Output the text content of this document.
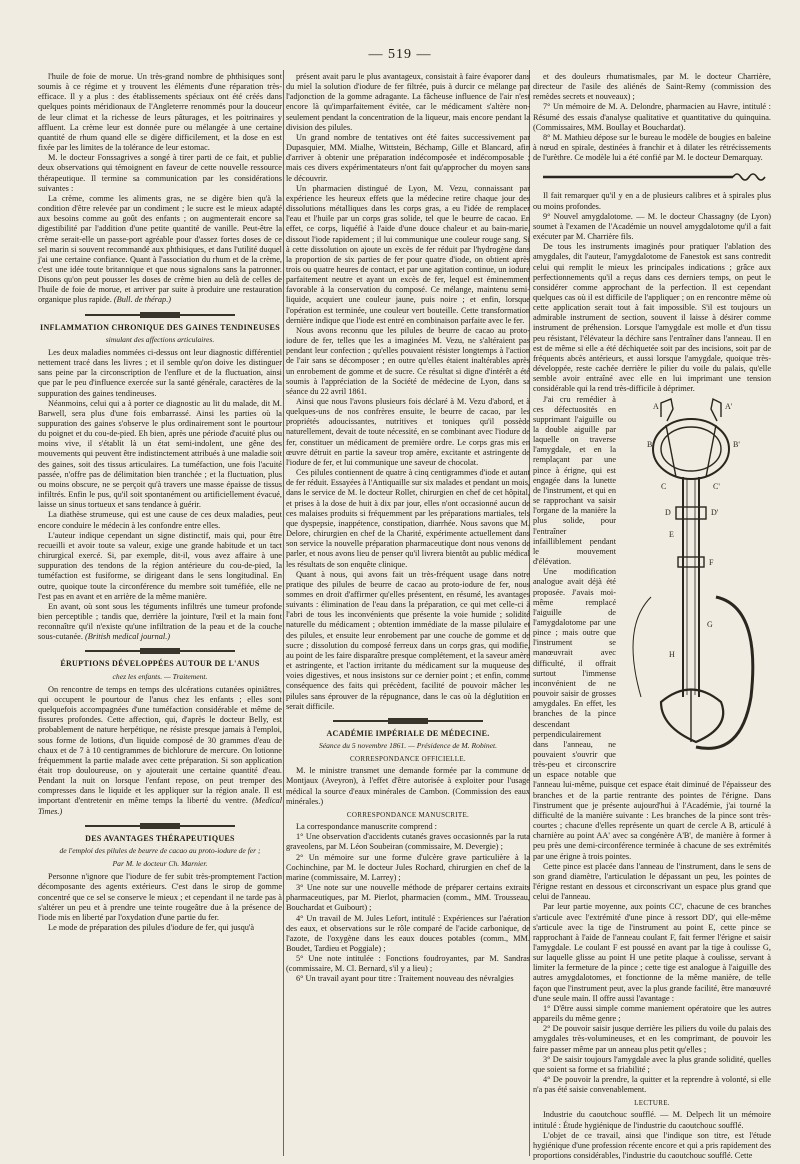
— 519 —

l'huile de foie de morue. Un très-grand nombre de phthisiques sont soumis à ce régime et y trouvent les éléments d'une réparation très-efficace. Il y a plus : des établissements spéciaux ont été créés dans quelques points méridionaux de l'Angleterre renommés pour la douceur de leur climat et la richesse de leurs pâturages, et les poitrinaires y affluent. La crème leur est donnée pure ou mélangée à une certaine quantité de rhum quand elle se digère difficilement, et la dose en est fixée par les limites de la tolérance de leur estomac.

M. le docteur Fonssagrives a songé à tirer parti de ce fait, et publie deux observations qui témoignent en faveur de cette nouvelle ressource thérapeutique. Il termine sa communication par les considérations suivantes :

La crème, comme les aliments gras, ne se digère bien qu'à la condition d'être relevée par un condiment ; le sucre est le mieux adapté aux besoins comme au goût des enfants ; on augmenterait encore sa digestibilité par l'addition d'une petite quantité de vanille. Peut-être la crème serait-elle un passe-port agréable pour d'assez fortes doses de ce sel marin si souvent recommandé aux phthisiques, et dans l'utilité duquel j'ai une certaine confiance. Quant à l'association du rhum et de la crème, c'est une idée toute britannique et que nous signalons sans la patronner. Disons qu'on peut pousser les doses de crème bien au delà de celles de l'huile de foie de morue, et arriver par suite à produire une restauration organique plus rapide. (Bull. de thérap.)

INFLAMMATION CHRONIQUE DES GAINES TENDINEUSES
simulant des affections articulaires.

Les deux maladies nommées ci-dessus ont leur diagnostic différentiel nettement tracé dans les livres ; et il semble qu'on doive les distinguer sans peine par la circonscription de l'enflure et de la fluctuation, ainsi que par le peu d'influence exercée sur la santé générale, caractères de la suppuration des gaines tendineuses.

Néanmoins, celui qui a à porter ce diagnostic au lit du malade, dit M. Barwell, sera plus d'une fois embarrassé. Ainsi les parties où la suppuration des gaines s'observe le plus ordinairement sont le pourtour du poignet et du cou-de-pied. Eh bien, après une période d'acuité plus ou moins vive, il s'établit là un état semi-indolent, une gêne des mouvements qui peuvent être indistinctement attribués à une maladie soit des gaines, soit des tissus articulaires. La tuméfaction, une fois l'acuité passée, n'offre pas de délimitation bien tranchée ; et la fluctuation, plus ou moins obscure, ne se perçoit qu'à travers une masse épaisse de tissus infiltrés. Enfin le pus, qu'il soit spontanément ou artificiellement évacué, laisse un sinus tortueux et sans tendance à guérir.

La diathèse strumeuse, qui est une cause de ces deux maladies, peut encore conduire le médecin à les confondre entre elles.

L'auteur indique cependant un signe distinctif, mais qui, pour être recueilli et avoir toute sa valeur, exige une grande habitude et un tact chirurgical exercé. Si, par exemple, dit-il, vous avez affaire à une suppuration des tendons de la région antérieure du cou-de-pied, la tuméfaction est fusiforme, se dirigeant dans le sens longitudinal. En outre, quoique toute la circonférence du membre soit tuméfiée, elle ne l'est pas en avant et en arrière de la même manière.

En avant, où sont sous les téguments infiltrés une tumeur profonde bien perceptible ; tandis que, derrière la jointure, l'œil et la main font reconnaître qu'il n'existe qu'une infiltration de la peau et de la couche sous-cutanée. (British medical journal.)

ÉRUPTIONS DÉVELOPPÉES AUTOUR DE L'ANUS
chez les enfants. — Traitement.

On rencontre de temps en temps des ulcérations cutanées opiniâtres, qui occupent le pourtour de l'anus chez les enfants ; elles sont quelquefois accompagnées d'une tuméfaction considérable et même de fissures profondes. Cette affection, qui, d'après le docteur Belly, est probablement de nature herpétique, ne résiste presque jamais à l'emploi, sous forme de lotions, d'un liquide composé de 30 grammes d'eau de chaux et de 7 à 10 centigrammes de bichlorure de mercure. On lotionne fréquemment la partie malade avec cette préparation. Si son application était trop douloureuse, on y ajouterait une certaine quantité d'eau. Pendant la nuit on lorsque l'enfant repose, on peut tremper des compresses dans le liquide et les appliquer sur la région anale. Il est important d'entretenir en même temps la liberté du ventre. (Medical Times.)

DES AVANTAGES THÉRAPEUTIQUES
de l'emploi des pilules de beurre de cacao au proto-iodure de fer ;
Par M. le docteur Ch. Marnier.

Personne n'ignore que l'iodure de fer subit très-promptement l'action décomposante des agents extérieurs. C'est dans le sirop de gomme concentré que ce sel se conserve le mieux ; et cependant il ne tarde pas à s'altérer un peu et à prendre une teinte rougeâtre due à la présence de l'iode mis en liberté par l'oxydation d'une partie du fer.

Le mode de préparation des pilules d'iodure de fer, qui jusqu'à

présent avait paru le plus avantageux, consistait à faire évaporer dans du miel la solution d'iodure de fer filtrée, puis à durcir ce mélange par l'adjonction de la gomme adragante. La fâcheuse influence de l'air n'est encore là qu'imparfaitement évitée, car le médicament s'altère non-seulement pendant la concentration de la liqueur, mais encore pendant la division des pilules.

Un grand nombre de tentatives ont été faites successivement par Dupasquier, MM. Mialhe, Wittstein, Béchamp, Gille et Blancard, afin d'arriver à obtenir une préparation indécomposée et indécomposable ; mais ces divers expérimentateurs n'ont fait qu'approcher du moyen sans le découvrir.

Un pharmacien distingué de Lyon, M. Vezu, connaissant par expérience les heureux effets que la médecine retire chaque jour des dissolutions métalliques dans les corps gras, a eu l'idée de remplacer l'eau et l'huile par un corps gras solide, tel que le beurre de cacao. En effet, ce corps, liquéfié à l'aide d'une douce chaleur et au bain-marie, dissout l'iode rapidement ; il lui communique une couleur rouge sang. Si à cette dissolution on ajoute un excès de fer réduit par l'hydrogène dans la proportion de six parties de fer pour quatre d'iode, on obtient après trois ou quatre heures de contact, et par une agitation continue, un iodure parfaitement neutre et ayant un excès de fer, lequel est éminemment favorable à la conservation du composé. Ce mélange, maintenu semi-liquide, acquiert une couleur jaune, puis noire ; et enfin, lorsque l'opération est terminée, une couleur vert bouteille. Cette transformation dernière indique que l'iode est entré en combinaison parfaite avec le fer.

Nous avons reconnu que les pilules de beurre de cacao au proto-iodure de fer, telles que les a imaginées M. Vezu, ne s'altéraient pas pendant leur confection ; qu'elles pouvaient résister longtemps à l'action de l'air sans se décomposer ; en outre qu'elles étaient inaltérables après un enrobement de gomme et de sucre. Ce résultat si digne d'intérêt a été soumis à l'appréciation de la Société de médecine de Lyon, dans sa séance du 22 avril 1861.

Ainsi que nous l'avons plusieurs fois déclaré à M. Vezu d'abord, et à quelques-uns de nos confrères ensuite, le beurre de cacao, par les propriétés adoucissantes, nutritives et toniques qu'il possède naturellement, devait de toute nécessité, en se combinant avec l'iodure de fer, constituer un médicament de première ordre. Le corps gras mis en œuvre détruit en partie la saveur trop amère, excitante et astringente de l'iodure de fer, et lui communique une saveur de chocolat.

Ces pilules contiennent de quatre à cinq centigrammes d'iode et autant de fer réduit. Essayées à l'Antiquaille sur six malades et pendant un mois, dans le service de M. le docteur Rollet, chirurgien en chef de cet hôpital, et prises à la dose de huit à dix par jour, elles n'ont occasionné aucun de ces malaises produits si fréquemment par les préparations martiales, tels que dyspepsie, inappétence, constipation, diarrhée. Nous savons que M. Delore, chirurgien en chef de la Charité, expérimente actuellement dans son service la nouvelle préparation pharmaceutique dont nous venons de parler, et nous avons lieu de penser qu'il livrera bientôt au public médical les résultats de son enquête clinique.

Quant à nous, qui avons fait un très-fréquent usage dans notre pratique des pilules de beurre de cacao au proto-iodure de fer, nous sommes en droit d'affirmer qu'elles présentent, en résumé, les avantages suivants : élimination de l'eau dans la préparation, ce qui met celle-ci à l'abri de tous les inconvénients que présente la voie humide ; solidité naturelle du médicament ; obtention immédiate de la masse pilulaire et des pilules, et ensuite leur enrobement par une couche de gomme et de sucre ; dissolution du composé ferreux dans un corps gras, qui modifie, au point de les faire disparaître presque complétement, et la saveur amère et astringente, et l'action irritante du médicament sur la muqueuse des voies digestives, et nous insistons sur ce dernier point ; et enfin, comme conséquence des faits qui précèdent, facilité de pouvoir mâcher les pilules sans éprouver de la répugnance, dans le cas où la déglutition en serait difficile.

ACADÉMIE IMPÉRIALE DE MÉDECINE.
Séance du 5 novembre 1861. — Présidence de M. Robinet.
CORRESPONDANCE OFFICIELLE.

M. le ministre transmet une demande formée par la commune de Montjaux (Aveyron), à l'effet d'être autorisée à exploiter pour l'usage médical la source d'eaux minérales de Cambon. (Commission des eaux minérales.)

CORRESPONDANCE MANUSCRITE.

La correspondance manuscrite comprend :

1° Une observation d'accidents cutanés graves occasionnés par la ruta graveolens, par M. Léon Soubeiran (commissaire, M. Devergie) ;

2° Un mémoire sur une forme d'ulcère grave particulière à la Cochinchine, par M. le docteur Jules Rochard, chirurgien en chef de la marine (commissaire, M. Larrey) ;

3° Une note sur une nouvelle méthode de préparer certains extraits pharmaceutiques, par M. Pierlot, pharmacien (comm., MM. Trousseau, Bouchardat et Guibourt) ;

4° Un travail de M. Jules Lefort, intitulé : Expériences sur l'aération des eaux, et observations sur le rôle comparé de l'acide carbonique, de l'azote, de l'oxygène dans les eaux douces potables (comm., MM. Boudet, Tardieu et Poggiale) ;

5° Une note intitulée : Fonctions foudroyantes, par M. Sandras (commissaire, M. Cl. Bernard, s'il y a lieu) ;

6° Un travail ayant pour titre : Traitement nouveau des névralgies

et des douleurs rhumatismales, par M. le docteur Charrière, directeur de l'asile des aliénés de Saint-Remy (commission des remèdes secrets et nouveaux) ;

7° Un mémoire de M. A. Delondre, pharmacien au Havre, intitulé : Résumé des essais d'analyse qualitative et quantitative du quinquina. (Commissaires, MM. Boullay et Bouchardat).

8° M. Mathieu dépose sur le bureau le modèle de bougies en baleine à nœud en spirale, destinées à franchir et à dilater les rétrécissements de l'urèthre. Ce modèle lui a été confié par M. le docteur Demarquay.

Il fait remarquer qu'il y en a de plusieurs calibres et à spirales plus ou moins profondes.

9° Nouvel amygdalotome. — M. le docteur Chassagny (de Lyon) soumet à l'examen de l'Académie un nouvel amygdalotome qu'il a fait exécuter par M. Charrière fils.

De tous les instruments imaginés pour pratiquer l'ablation des amygdales, dit l'auteur, l'amygdalotome de Fanestok est sans contredit celui qui remplit le mieux les principales indications ; grâce aux perfectionnements qu'il a reçus dans ces derniers temps, on peut le considérer comme approchant de la perfection. Il est cependant quelques cas où il est difficile de l'appliquer ; on en rencontre même où cette application serait tout à fait impossible. S'il est toujours un admirable instrument de section, souvent il laisse à désirer comme instrument de préhension. Lorsque l'amygdale est molle et d'un tissu peu résistant, l'élévateur la déchire sans l'entraîner dans l'anneau. Il en est de même si elle a été déchiquetée soit par des incisions, soit par de fréquents abcès antérieurs, et aussi lorsque l'amygdale, quoique très-développée, reste cachée derrière le pilier du voile du palais, qu'elle semble avoir entraîné avec elle en lui imprimant une tension considérable qui la rend très-difficile à déprimer.

A	A'
B	B'
C	C'
D	D'
E
F
G
H

J'ai cru remédier à ces défectuosités en supprimant l'aiguille ou la double aiguille par laquelle on traverse l'amygdale, et en la remplaçant par une pince à érigne, qui est engagée dans la lunette de l'instrument, et qui en se rapprochant va saisir l'organe de la manière la plus solide, pour l'entraîner infailliblement pendant le mouvement d'élévation.

Une modification analogue avait déjà été proposée. J'avais moi-même remplacé l'aiguille de l'amygdalotome par une pince ; mais outre que l'instrument se manœuvrait avec difficulté, il offrait surtout l'immense inconvénient de ne pouvoir saisir de grosses amygdales. En effet, les branches de la pince descendant perpendiculairement dans l'anneau, ne pouvaient s'ouvrir que très-peu et circonscrire un espace notable que l'anneau lui-même, puisque cet espace était diminué de l'épaisseur des branches et de la partie rentrante des pointes de l'érigne. Dans l'instrument que je présente aujourd'hui à l'Académie, j'ai tourné la difficulté de la manière suivante : Les branches de la pince sont très-courtes ; chacune d'elles représente un quart de cercle A B, articulé à charnière au point AA' avec sa congénère A'B', de manière à former à peu près une demi-circonférence terminée à chacune de ses extrémités par une érigne à trois pointes.

Cette pince est placée dans l'anneau de l'instrument, dans le sens de son grand diamètre, l'articulation le dépassant un peu, les pointes de l'érigne restant en dessous et circonscrivant un espace plus grand que celui de l'anneau.

Par leur partie moyenne, aux points CC', chacune de ces branches s'articule avec l'extrémité d'une pince à ressort DD', qui elle-même s'articule avec la tige de l'instrument au point E, cette pince se rapprochant à l'aide de l'anneau coulant F, fait fermer l'érigne et saisir l'amygdale. Le coulant F est poussé en avant par la tige à coulisse G, sur laquelle glisse au point H une petite plaque à coulisse, servant à limiter la fermeture de la pince ; cette tige est analogue à l'aiguille des autres amygdalotomes, et fonctionne de la même manière, de telle façon que l'instrument peut, avec la plus grande facilité, être manœuvré d'une seule main. Il offre aussi l'avantage :

1° D'être aussi simple comme maniement opératoire que les autres appareils du même genre ;

2° De pouvoir saisir jusque derrière les piliers du voile du palais des amygdales très-volumineuses, et en les comprimant, de pouvoir les faire passer même par un anneau plus petit qu'elles ;

3° De saisir toujours l'amygdale avec la plus grande solidité, quelles que soient sa forme et sa friabilité ;

4° De pouvoir la prendre, la quitter et la reprendre à volonté, si elle n'a pas été saisie convenablement.

LECTURE.

Industrie du caoutchouc soufflé. — M. Delpech lit un mémoire intitulé : Étude hygiénique de l'industrie du caoutchouc soufflé.

L'objet de ce travail, ainsi que l'indique son titre, est l'étude hygiénique d'une profession récente encore et qui a pris rapidement des proportions considérables, l'industrie du caoutchouc soufflé. Cette
